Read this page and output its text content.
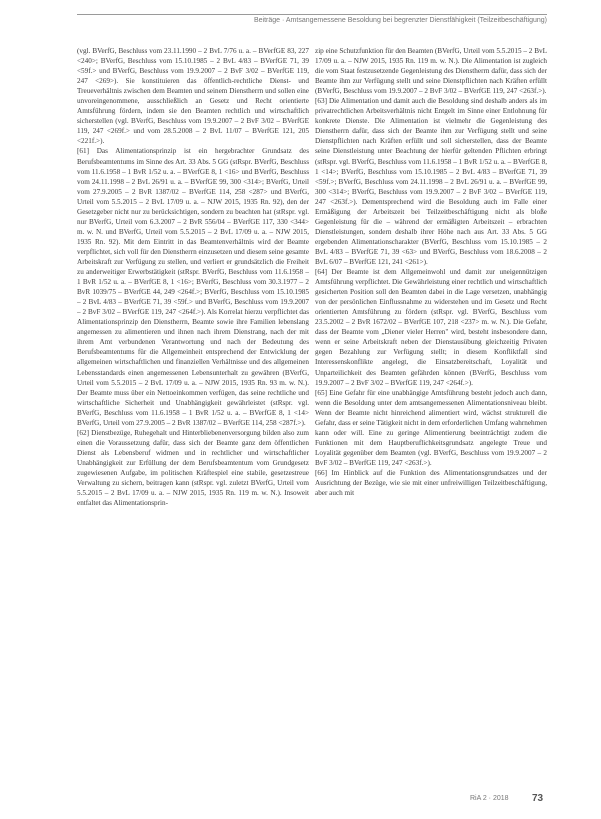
Beiträge · Amtsangemessene Besoldung bei begrenzter Dienstfähigkeit (Teilzeitbeschäftigung)

(vgl. BVerfG, Beschluss vom 23.11.1990 – 2 BvL 7/76 u. a. – BVerfGE 83, 227 <240>; BVerfG, Beschluss vom 15.10.1985 – 2 BvL 4/83 – BVerfGE 71, 39 <59f.> und BVerfG, Beschluss vom 19.9.2007 – 2 BvF 3/02 – BVerfGE 119, 247 <269>). Sie konstituieren das öffentlich-rechtliche Dienst- und Treueverhältnis zwischen dem Beamten und seinem Dienstherrn und sollen eine unvoreingenommene, ausschließlich an Gesetz und Recht orientierte Amtsführung fördern, indem sie den Beamten rechtlich und wirtschaftlich sicherstellen (vgl. BVerfG, Beschluss vom 19.9.2007 – 2 BvF 3/02 – BVerfGE 119, 247 <269f.> und vom 28.5.2008 – 2 BvL 11/07 – BVerfGE 121, 205 <221f.>).

[61] Das Alimentationsprinzip ist ein hergebrachter Grundsatz des Berufsbeamtentums im Sinne des Art. 33 Abs. 5 GG (stRspr. BVerfG, Beschluss vom 11.6.1958 – 1 BvR 1/52 u. a. – BVerfGE 8, 1 <16> und BVerfG, Beschluss vom 24.11.1998 – 2 BvL 26/91 u. a. – BVerfGE 99, 300 <314>; BVerfG, Urteil vom 27.9.2005 – 2 BvR 1387/02 – BVerfGE 114, 258 <287> und BVerfG, Urteil vom 5.5.2015 – 2 BvL 17/09 u. a. – NJW 2015, 1935 Rn. 92), den der Gesetzgeber nicht nur zu berücksichtigen, sondern zu beachten hat (stRspr. vgl. nur BVerfG, Urteil vom 6.3.2007 – 2 BvR 556/04 – BVerfGE 117, 330 <344> m. w. N. und BVerfG, Urteil vom 5.5.2015 – 2 BvL 17/09 u. a. – NJW 2015, 1935 Rn. 92). Mit dem Eintritt in das Beamtenverhältnis wird der Beamte verpflichtet, sich voll für den Dienstherrn einzusetzen und diesem seine gesamte Arbeitskraft zur Verfügung zu stellen, und verliert er grundsätzlich die Freiheit zu anderweitiger Erwerbstätigkeit (stRspr. BVerfG, Beschluss vom 11.6.1958 – 1 BvR 1/52 u. a. – BVerfGE 8, 1 <16>; BVerfG, Beschluss vom 30.3.1977 – 2 BvR 1039/75 – BVerfGE 44, 249 <264f.>; BVerfG, Beschluss vom 15.10.1985 – 2 BvL 4/83 – BVerfGE 71, 39 <59f.> und BVerfG, Beschluss vom 19.9.2007 – 2 BvF 3/02 – BVerfGE 119, 247 <264f.>). Als Korrelat hierzu verpflichtet das Alimentationsprinzip den Dienstherrn, Beamte sowie ihre Familien lebenslang angemessen zu alimentieren und ihnen nach ihrem Dienstrang, nach der mit ihrem Amt verbundenen Verantwortung und nach der Bedeutung des Berufsbeamtentums für die Allgemeinheit entsprechend der Entwicklung der allgemeinen wirtschaftlichen und finanziellen Verhältnisse und des allgemeinen Lebensstandards einen angemessenen Lebensunterhalt zu gewähren (BVerfG, Urteil vom 5.5.2015 – 2 BvL 17/09 u. a. – NJW 2015, 1935 Rn. 93 m. w. N.). Der Beamte muss über ein Nettoeinkommen verfügen, das seine rechtliche und wirtschaftliche Sicherheit und Unabhängigkeit gewährleistet (stRspr. vgl. BVerfG, Beschluss vom 11.6.1958 – 1 BvR 1/52 u. a. – BVerfGE 8, 1 <14> BVerfG, Urteil vom 27.9.2005 – 2 BvR 1387/02 – BVerfGE 114, 258 <287f.>).

[62] Dienstbezüge, Ruhegehalt und Hinterbliebenenversorgung bilden also zum einen die Voraussetzung dafür, dass sich der Beamte ganz dem öffentlichen Dienst als Lebensberuf widmen und in rechtlicher und wirtschaftlicher Unabhängigkeit zur Erfüllung der dem Berufsbeamtentum vom Grundgesetz zugewiesenen Aufgabe, im politischen Kräftespiel eine stabile, gesetzestreue Verwaltung zu sichern, beitragen kann (stRspr. vgl. zuletzt BVerfG, Urteil vom 5.5.2015 – 2 BvL 17/09 u. a. – NJW 2015, 1935 Rn. 119 m. w. N.). Insoweit entfaltet das Alimentationsprin-

zip eine Schutzfunktion für den Beamten (BVerfG, Urteil vom 5.5.2015 – 2 BvL 17/09 u. a. – NJW 2015, 1935 Rn. 119 m. w. N.). Die Alimentation ist zugleich die vom Staat festzusetzende Gegenleistung des Dienstherrn dafür, dass sich der Beamte ihm zur Verfügung stellt und seine Dienstpflichten nach Kräften erfüllt (BVerfG, Beschluss vom 19.9.2007 – 2 BvF 3/02 – BVerfGE 119, 247 <263f.>).

[63] Die Alimentation und damit auch die Besoldung sind deshalb anders als im privatrechtlichen Arbeitsverhältnis nicht Entgelt im Sinne einer Entlohnung für konkrete Dienste. Die Alimentation ist vielmehr die Gegenleistung des Dienstherrn dafür, dass sich der Beamte ihm zur Verfügung stellt und seine Dienstpflichten nach Kräften erfüllt und soll sicherstellen, dass der Beamte seine Dienstleistung unter Beachtung der hierfür geltenden Pflichten erbringt (stRspr. vgl. BVerfG, Beschluss vom 11.6.1958 – 1 BvR 1/52 u. a. – BVerfGE 8, 1 <14>; BVerfG, Beschluss vom 15.10.1985 – 2 BvL 4/83 – BVerfGE 71, 39 <59f.>; BVerfG, Beschluss vom 24.11.1998 – 2 BvL 26/91 u. a. – BVerfGE 99, 300 <314>; BVerfG, Beschluss vom 19.9.2007 – 2 BvF 3/02 – BVerfGE 119, 247 <263f.>). Dementsprechend wird die Besoldung auch im Falle einer Ermäßigung der Arbeitszeit bei Teilzeitbeschäftigung nicht als bloße Gegenleistung für die – während der ermäßigten Arbeitszeit – erbrachten Dienstleistungen, sondern deshalb ihrer Höhe nach aus Art. 33 Abs. 5 GG ergebenden Alimentationscharakter (BVerfG, Beschluss vom 15.10.1985 – 2 BvL 4/83 – BVerfGE 71, 39 <63> und BVerfG, Beschluss vom 18.6.2008 – 2 BvL 6/07 – BVerfGE 121, 241 <261>).

[64] Der Beamte ist dem Allgemeinwohl und damit zur uneigennützigen Amtsführung verpflichtet. Die Gewährleistung einer rechtlich und wirtschaftlich gesicherten Position soll den Beamten dabei in die Lage versetzen, unabhängig von der persönlichen Einflussnahme zu widerstehen und im Gesetz und Recht orientierten Amtsführung zu fördern (stRspr. vgl. BVerfG, Beschluss vom 23.5.2002 – 2 BvR 1672/02 – BVerfGE 107, 218 <237> m. w. N.). Die Gefahr, dass der Beamte vom „Diener vieler Herren" wird, besteht insbesondere dann, wenn er seine Arbeitskraft neben der Dienstausübung gleichzeitig Privaten gegen Bezahlung zur Verfügung stellt; in diesem Konfliktfall sind Interessenskonflikte angelegt, die Einsatzbereitschaft, Loyalität und Unparteilichkeit des Beamten gefährden können (BVerfG, Beschluss vom 19.9.2007 – 2 BvF 3/02 – BVerfGE 119, 247 <264f.>).

[65] Eine Gefahr für eine unabhängige Amtsführung besteht jedoch auch dann, wenn die Besoldung unter dem amtsangemessenen Alimentationsniveau bleibt. Wenn der Beamte nicht hinreichend alimentiert wird, wächst strukturell die Gefahr, dass er seine Tätigkeit nicht in dem erforderlichen Umfang wahrnehmen kann oder will. Eine zu geringe Alimentierung beeinträchtigt zudem die Funktionen mit dem Hauptberuflichkeitsgrundsatz angelegte Treue und Loyalität gegenüber dem Beamten (vgl. BVerfG, Beschluss vom 19.9.2007 – 2 BvF 3/02 – BVerfGE 119, 247 <263f.>).

[66] Im Hinblick auf die Funktion des Alimentationsgrundsatzes und der Ausrichtung der Bezüge, wie sie mit einer unfreiwilligen Teilzeitbeschäftigung, aber auch mit

RiA 2 · 2018 73
